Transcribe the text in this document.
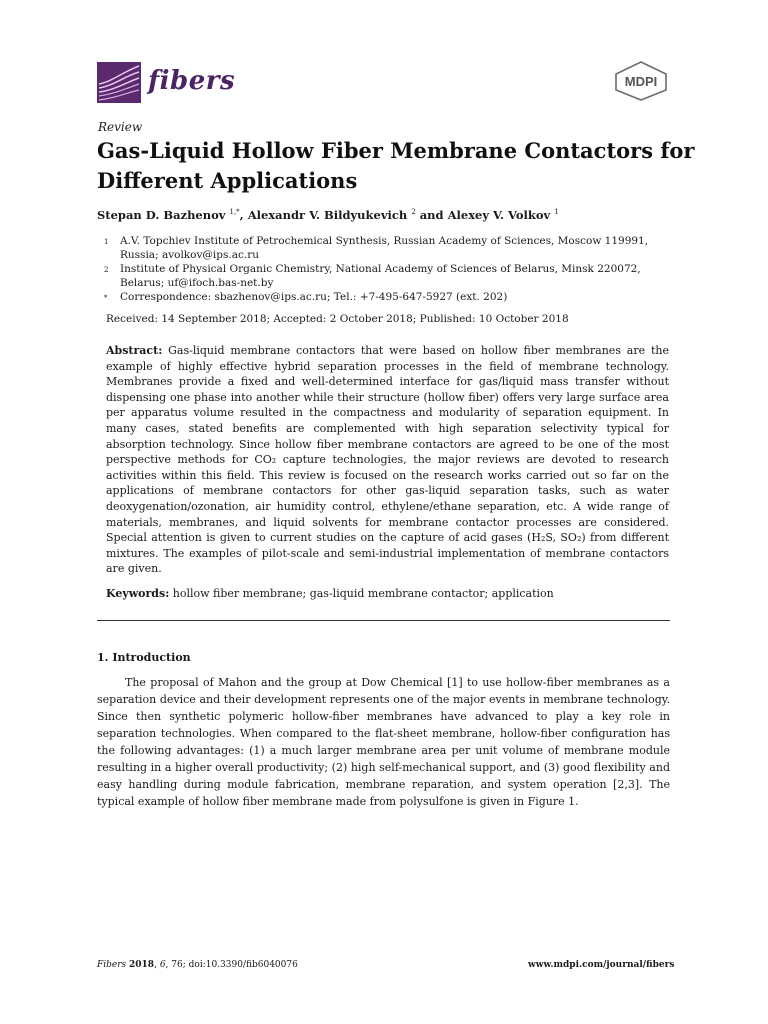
fibers	MDPI
Review
Gas-Liquid Hollow Fiber Membrane Contactors for Different Applications
Stepan D. Bazhenov $^{1,*}$, Alexandr V. Bildyukevich $^2$ and Alexey V. Volkov $^1$
1	A.V. Topchiev Institute of Petrochemical Synthesis, Russian Academy of Sciences, Moscow 119991, Russia; avolkov@ips.ac.ru
2	Institute of Physical Organic Chemistry, National Academy of Sciences of Belarus, Minsk 220072, Belarus; uf@ifoch.bas-net.by
*	Correspondence: sbazhenov@ips.ac.ru; Tel.: +7-495-647-5927 (ext. 202)
Received: 14 September 2018; Accepted: 2 October 2018; Published: 10 October 2018
Abstract: Gas-liquid membrane contactors that were based on hollow fiber membranes are the example of highly effective hybrid separation processes in the field of membrane technology. Membranes provide a fixed and well-determined interface for gas/liquid mass transfer without dispensing one phase into another while their structure (hollow fiber) offers very large surface area per apparatus volume resulted in the compactness and modularity of separation equipment. In many cases, stated benefits are complemented with high separation selectivity typical for absorption technology. Since hollow fiber membrane contactors are agreed to be one of the most perspective methods for CO₂ capture technologies, the major reviews are devoted to research activities within this field. This review is focused on the research works carried out so far on the applications of membrane contactors for other gas-liquid separation tasks, such as water deoxygenation/ozonation, air humidity control, ethylene/ethane separation, etc. A wide range of materials, membranes, and liquid solvents for membrane contactor processes are considered. Special attention is given to current studies on the capture of acid gases (H₂S, SO₂) from different mixtures. The examples of pilot-scale and semi-industrial implementation of membrane contactors are given.
Keywords: hollow fiber membrane; gas-liquid membrane contactor; application
1. Introduction
The proposal of Mahon and the group at Dow Chemical [1] to use hollow-fiber membranes as a separation device and their development represents one of the major events in membrane technology. Since then synthetic polymeric hollow-fiber membranes have advanced to play a key role in separation technologies. When compared to the flat-sheet membrane, hollow-fiber configuration has the following advantages: (1) a much larger membrane area per unit volume of membrane module resulting in a higher overall productivity; (2) high self-mechanical support, and (3) good flexibility and easy handling during module fabrication, membrane reparation, and system operation [2,3]. The typical example of hollow fiber membrane made from polysulfone is given in Figure 1.
Fibers 2018, 6, 76; doi:10.3390/fib6040076	www.mdpi.com/journal/fibers
